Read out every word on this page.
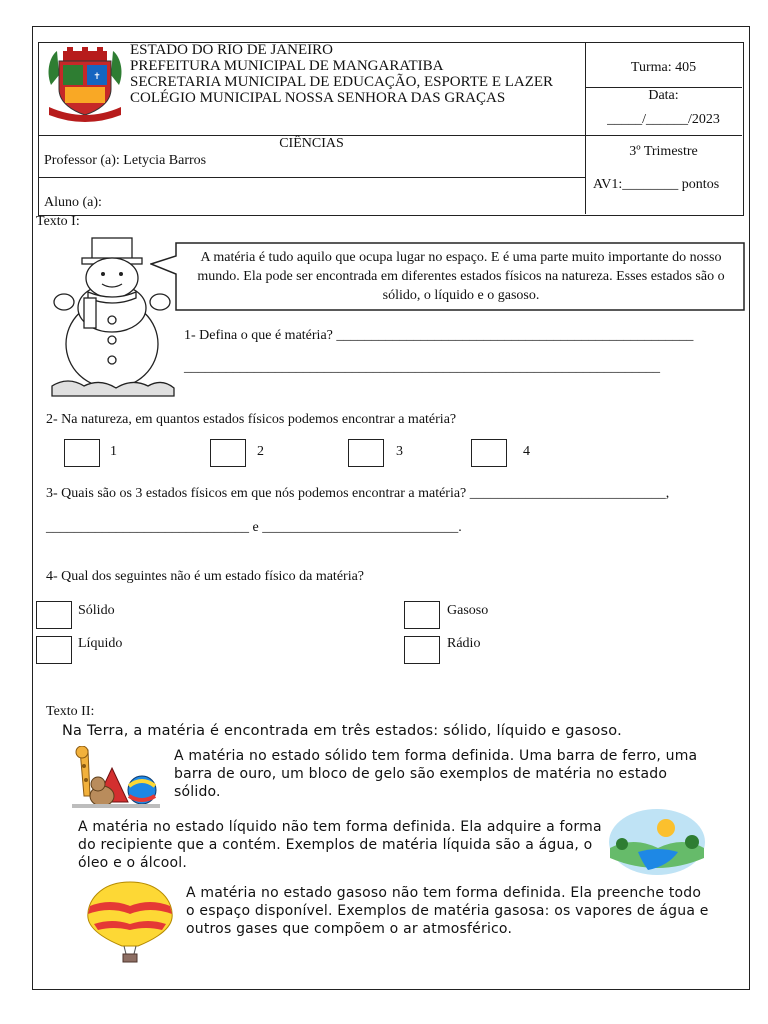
✝
ESTADO DO RIO DE JANEIRO
PREFEITURA MUNICIPAL DE MANGARATIBA
SECRETARIA MUNICIPAL DE EDUCAÇÃO, ESPORTE E LAZER
COLÉGIO MUNICIPAL NOSSA SENHORA DAS GRAÇAS
Turma: 405
Data:
_____/______/2023
CIÊNCIAS
Professor (a): Letycia Barros
3º Trimestre
Aluno (a):
AV1:________ pontos
Texto I:
A matéria é tudo aquilo que ocupa lugar no espaço. E é uma parte muito importante do nosso mundo. Ela pode ser encontrada em diferentes estados físicos na natureza. Esses estados são o sólido, o líquido e o gasoso.
1- Defina o que é matéria? ___________________________________________________
____________________________________________________________________
2- Na natureza, em quantos estados físicos podemos encontrar a matéria?
1	2	3	4
3- Quais são os 3 estados físicos em que nós podemos encontrar a matéria? ____________________________,
_____________________________ e ____________________________.
4- Qual dos seguintes não é um estado físico da matéria?
Sólido
Líquido
Gasoso
Rádio
Texto II:
Na Terra, a matéria é encontrada em três estados: sólido, líquido e gasoso.
A matéria no estado sólido tem forma definida. Uma barra de ferro, uma barra de ouro, um bloco de gelo são exemplos de matéria no estado sólido.
A matéria no estado líquido não tem forma definida. Ela adquire a forma do recipiente que a contém. Exemplos de matéria líquida são a água, o óleo e o álcool.
A matéria no estado gasoso não tem forma definida. Ela preenche todo o espaço disponível. Exemplos de matéria gasosa: os vapores de água e outros gases que compõem o ar atmosférico.
